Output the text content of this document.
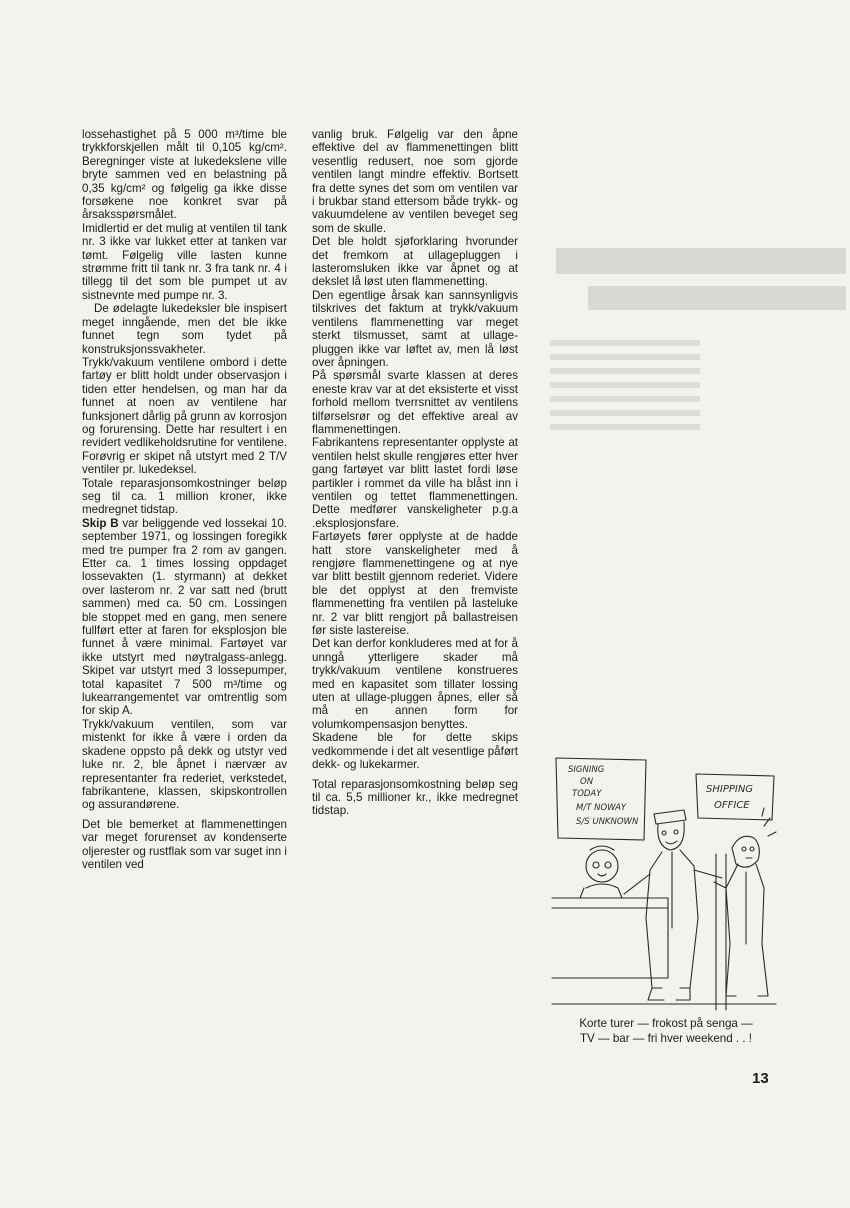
lossehastighet på 5 000 m³/time ble trykkforskjellen målt til 0,105 kg/cm². Beregninger viste at lukedekslene ville bryte sammen ved en belastning på 0,35 kg/cm² og følgelig ga ikke disse forsøkene noe konkret svar på årsaksspørsmålet.

Imidlertid er det mulig at ventilen til tank nr. 3 ikke var lukket etter at tanken var tømt. Følgelig ville lasten kunne strømme fritt til tank nr. 3 fra tank nr. 4 i tillegg til det som ble pumpet ut av sistnevnte med pumpe nr. 3.

De ødelagte lukedeksler ble inspisert meget inngående, men det ble ikke funnet tegn som tydet på konstruksjonssvakheter.

Trykk/vakuum ventilene ombord i dette fartøy er blitt holdt under observasjon i tiden etter hendelsen, og man har da funnet at noen av ventilene har funksjonert dårlig på grunn av korrosjon og forurensing. Dette har resultert i en revidert vedlikeholdsrutine for ventilene. Forøvrig er skipet nå utstyrt med 2 T/V ventiler pr. lukedeksel.

Totale reparasjonsomkostninger beløp seg til ca. 1 million kroner, ikke medregnet tidstap.

Skip B var beliggende ved lossekai 10. september 1971, og lossingen foregikk med tre pumper fra 2 rom av gangen. Etter ca. 1 times lossing oppdaget lossevakten (1. styrmann) at dekket over lasterom nr. 2 var satt ned (brutt sammen) med ca. 50 cm. Lossingen ble stoppet med en gang, men senere fullført etter at faren for eksplosjon ble funnet å være minimal. Fartøyet var ikke utstyrt med nøytralgass-anlegg. Skipet var utstyrt med 3 lossepumper, total kapasitet 7 500 m³/time og lukearrangementet var omtrentlig som for skip A.

Trykk/vakuum ventilen, som var mistenkt for ikke å være i orden da skadene oppsto på dekk og utstyr ved luke nr. 2, ble åpnet i nærvær av representanter fra rederiet, verkstedet, fabrikantene, klassen, skipskontrollen og assurandørene.

Det ble bemerket at flammenettingen var meget forurenset av kondenserte oljerester og rustflak som var suget inn i ventilen ved

vanlig bruk. Følgelig var den åpne effektive del av flammenettingen blitt vesentlig redusert, noe som gjorde ventilen langt mindre effektiv. Bortsett fra dette synes det som om ventilen var i brukbar stand ettersom både trykk- og vakuumdelene av ventilen beveget seg som de skulle.

Det ble holdt sjøforklaring hvorunder det fremkom at ullagepluggen i lasteromsluken ikke var åpnet og at dekslet lå løst uten flammenetting.

Den egentlige årsak kan sannsynligvis tilskrives det faktum at trykk/vakuum ventilens flammenetting var meget sterkt tilsmusset, samt at ullage-pluggen ikke var løftet av, men lå løst over åpningen.

På spørsmål svarte klassen at deres eneste krav var at det eksisterte et visst forhold mellom tverrsnittet av ventilens tilførselsrør og det effektive areal av flammenettingen.

Fabrikantens representanter opplyste at ventilen helst skulle rengjøres etter hver gang fartøyet var blitt lastet fordi løse partikler i rommet da ville ha blåst inn i ventilen og tettet flammenettingen. Dette medfører vanskeligheter p.g.a .eksplosjonsfare.

Fartøyets fører opplyste at de hadde hatt store vanskeligheter med å rengjøre flammenettingene og at nye var blitt bestilt gjennom rederiet. Videre ble det opplyst at den fremviste flammenetting fra ventilen på lasteluke nr. 2 var blitt rengjort på ballastreisen før siste lastereise.

Det kan derfor konkluderes med at for å unngå ytterligere skader må trykk/vakuum ventilene konstrueres med en kapasitet som tillater lossing uten at ullage-pluggen åpnes, eller så må en annen form for volumkompensasjon benyttes.

Skadene ble for dette skips vedkommende i det alt vesentlige påført dekk- og lukekarmer.

Total reparasjonsomkostning beløp seg til ca. 5,5 millioner kr., ikke medregnet tidstap.

SIGNING
ON
TODAY
M/T NOWAY
S/S UNKNOWN
SHIPPING
OFFICE
Korte turer — frokost på senga —
TV — bar — fri hver weekend . . !
13
